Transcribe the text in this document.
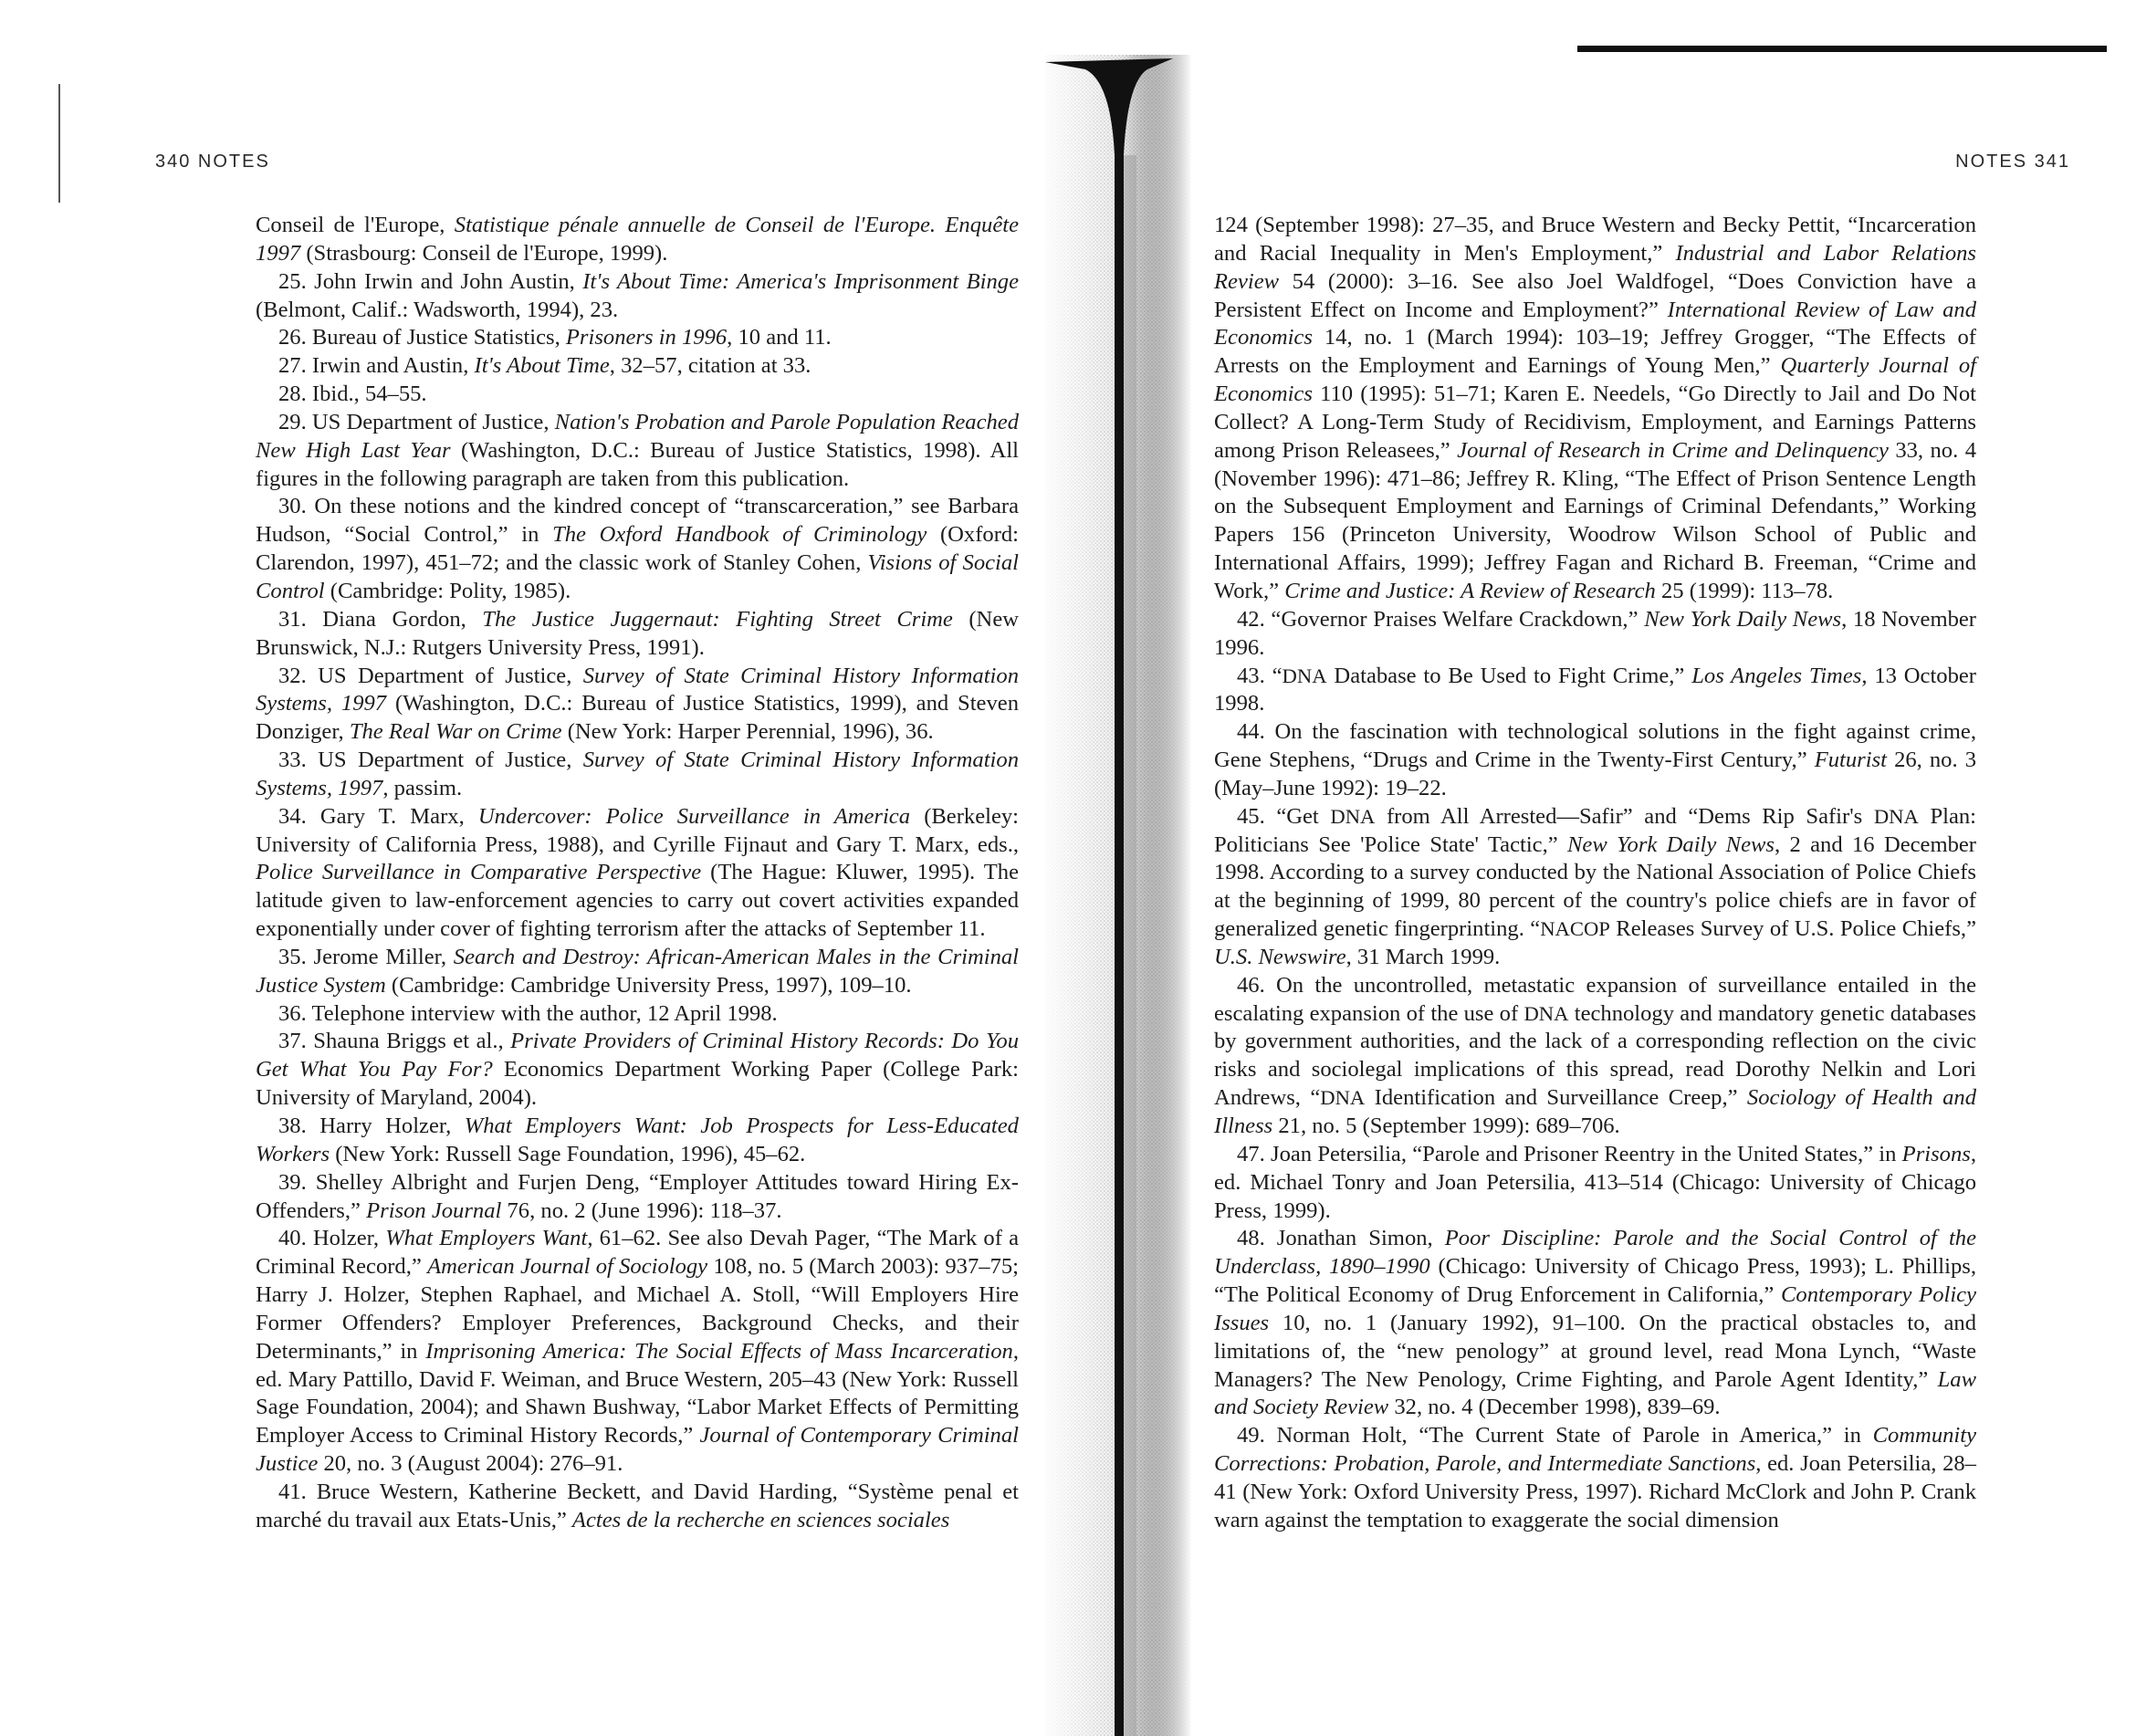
340 NOTES

Conseil de l'Europe, Statistique pénale annuelle de Conseil de l'Europe. Enquête 1997 (Strasbourg: Conseil de l'Europe, 1999).

25. John Irwin and John Austin, It's About Time: America's Imprisonment Binge (Belmont, Calif.: Wadsworth, 1994), 23.

26. Bureau of Justice Statistics, Prisoners in 1996, 10 and 11.

27. Irwin and Austin, It's About Time, 32–57, citation at 33.

28. Ibid., 54–55.

29. US Department of Justice, Nation's Probation and Parole Population Reached New High Last Year (Washington, D.C.: Bureau of Justice Statistics, 1998). All figures in the following paragraph are taken from this publication.

30. On these notions and the kindred concept of “transcarceration,” see Barbara Hudson, “Social Control,” in The Oxford Handbook of Criminology (Oxford: Clarendon, 1997), 451–72; and the classic work of Stanley Cohen, Visions of Social Control (Cambridge: Polity, 1985).

31. Diana Gordon, The Justice Juggernaut: Fighting Street Crime (New Brunswick, N.J.: Rutgers University Press, 1991).

32. US Department of Justice, Survey of State Criminal History Information Systems, 1997 (Washington, D.C.: Bureau of Justice Statistics, 1999), and Steven Donziger, The Real War on Crime (New York: Harper Perennial, 1996), 36.

33. US Department of Justice, Survey of State Criminal History Information Systems, 1997, passim.

34. Gary T. Marx, Undercover: Police Surveillance in America (Berkeley: University of California Press, 1988), and Cyrille Fijnaut and Gary T. Marx, eds., Police Surveillance in Comparative Perspective (The Hague: Kluwer, 1995). The latitude given to law-enforcement agencies to carry out covert activities expanded exponentially under cover of fighting terrorism after the attacks of September 11.

35. Jerome Miller, Search and Destroy: African-American Males in the Criminal Justice System (Cambridge: Cambridge University Press, 1997), 109–10.

36. Telephone interview with the author, 12 April 1998.

37. Shauna Briggs et al., Private Providers of Criminal History Records: Do You Get What You Pay For? Economics Department Working Paper (College Park: University of Maryland, 2004).

38. Harry Holzer, What Employers Want: Job Prospects for Less-Educated Workers (New York: Russell Sage Foundation, 1996), 45–62.

39. Shelley Albright and Furjen Deng, “Employer Attitudes toward Hiring Ex-Offenders,” Prison Journal 76, no. 2 (June 1996): 118–37.

40. Holzer, What Employers Want, 61–62. See also Devah Pager, “The Mark of a Criminal Record,” American Journal of Sociology 108, no. 5 (March 2003): 937–75; Harry J. Holzer, Stephen Raphael, and Michael A. Stoll, “Will Employers Hire Former Offenders? Employer Preferences, Background Checks, and their Determinants,” in Imprisoning America: The Social Effects of Mass Incarceration, ed. Mary Pattillo, David F. Weiman, and Bruce Western, 205–43 (New York: Russell Sage Foundation, 2004); and Shawn Bushway, “Labor Market Effects of Permitting Employer Access to Criminal History Records,” Journal of Contemporary Criminal Justice 20, no. 3 (August 2004): 276–91.

41. Bruce Western, Katherine Beckett, and David Harding, “Système penal et marché du travail aux Etats-Unis,” Actes de la recherche en sciences sociales

NOTES 341

124 (September 1998): 27–35, and Bruce Western and Becky Pettit, “Incarceration and Racial Inequality in Men's Employment,” Industrial and Labor Relations Review 54 (2000): 3–16. See also Joel Waldfogel, “Does Conviction have a Persistent Effect on Income and Employment?” International Review of Law and Economics 14, no. 1 (March 1994): 103–19; Jeffrey Grogger, “The Effects of Arrests on the Employment and Earnings of Young Men,” Quarterly Journal of Economics 110 (1995): 51–71; Karen E. Needels, “Go Directly to Jail and Do Not Collect? A Long-Term Study of Recidivism, Employment, and Earnings Patterns among Prison Releasees,” Journal of Research in Crime and Delinquency 33, no. 4 (November 1996): 471–86; Jeffrey R. Kling, “The Effect of Prison Sentence Length on the Subsequent Employment and Earnings of Criminal Defendants,” Working Papers 156 (Princeton University, Woodrow Wilson School of Public and International Affairs, 1999); Jeffrey Fagan and Richard B. Freeman, “Crime and Work,” Crime and Justice: A Review of Research 25 (1999): 113–78.

42. “Governor Praises Welfare Crackdown,” New York Daily News, 18 November 1996.

43. “DNA Database to Be Used to Fight Crime,” Los Angeles Times, 13 October 1998.

44. On the fascination with technological solutions in the fight against crime, Gene Stephens, “Drugs and Crime in the Twenty-First Century,” Futurist 26, no. 3 (May–June 1992): 19–22.

45. “Get DNA from All Arrested—Safir” and “Dems Rip Safir's DNA Plan: Politicians See 'Police State' Tactic,” New York Daily News, 2 and 16 December 1998. According to a survey conducted by the National Association of Police Chiefs at the beginning of 1999, 80 percent of the country's police chiefs are in favor of generalized genetic fingerprinting. “NACOP Releases Survey of U.S. Police Chiefs,” U.S. Newswire, 31 March 1999.

46. On the uncontrolled, metastatic expansion of surveillance entailed in the escalating expansion of the use of DNA technology and mandatory genetic databases by government authorities, and the lack of a corresponding reflection on the civic risks and sociolegal implications of this spread, read Dorothy Nelkin and Lori Andrews, “DNA Identification and Surveillance Creep,” Sociology of Health and Illness 21, no. 5 (September 1999): 689–706.

47. Joan Petersilia, “Parole and Prisoner Reentry in the United States,” in Prisons, ed. Michael Tonry and Joan Petersilia, 413–514 (Chicago: University of Chicago Press, 1999).

48. Jonathan Simon, Poor Discipline: Parole and the Social Control of the Underclass, 1890–1990 (Chicago: University of Chicago Press, 1993); L. Phillips, “The Political Economy of Drug Enforcement in California,” Contemporary Policy Issues 10, no. 1 (January 1992), 91–100. On the practical obstacles to, and limitations of, the “new penology” at ground level, read Mona Lynch, “Waste Managers? The New Penology, Crime Fighting, and Parole Agent Identity,” Law and Society Review 32, no. 4 (December 1998), 839–69.

49. Norman Holt, “The Current State of Parole in America,” in Community Corrections: Probation, Parole, and Intermediate Sanctions, ed. Joan Petersilia, 28–41 (New York: Oxford University Press, 1997). Richard McClork and John P. Crank warn against the temptation to exaggerate the social dimension
